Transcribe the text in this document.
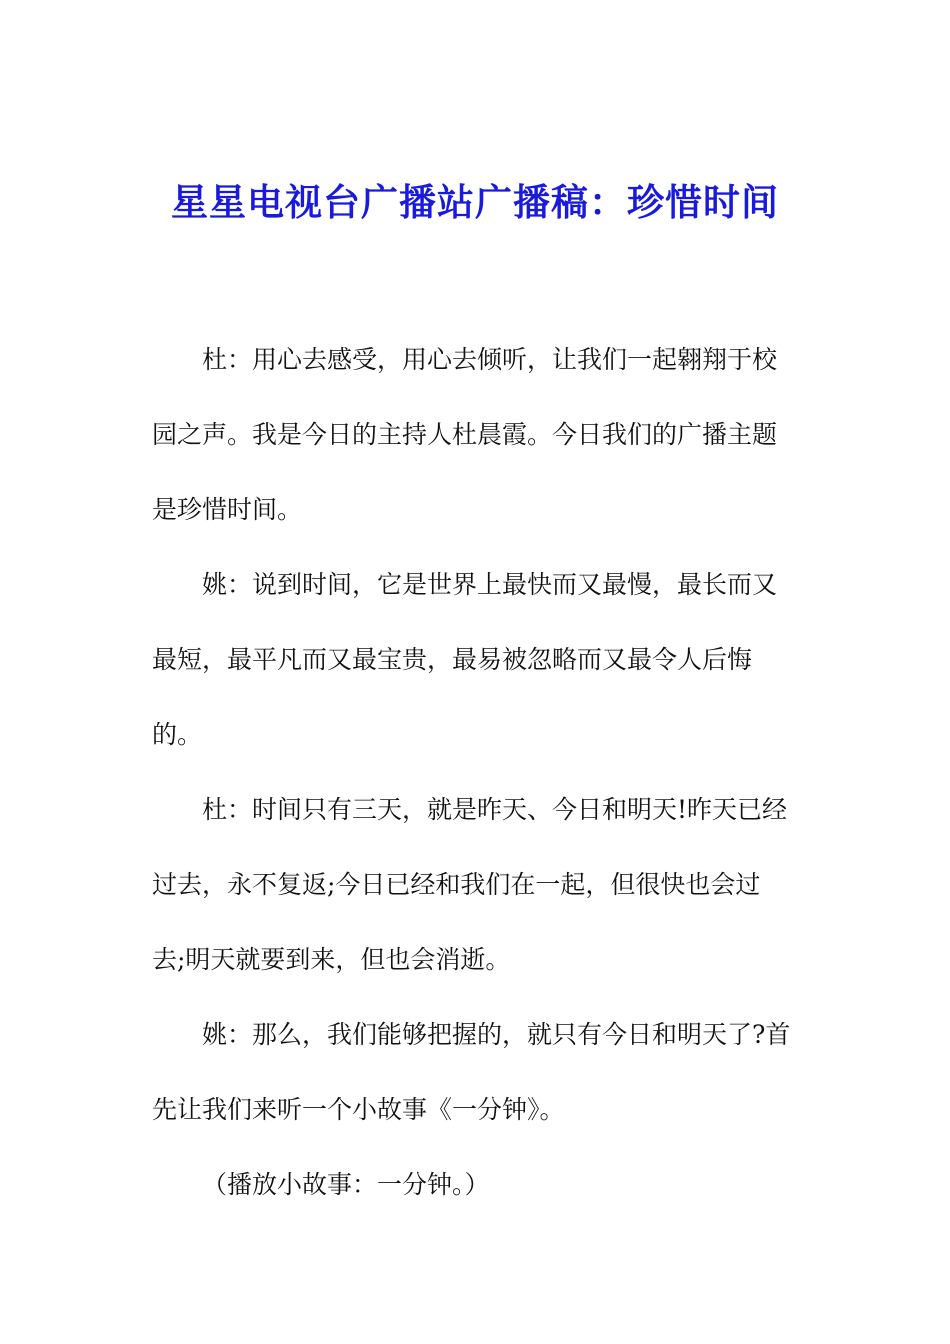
星星电视台广播站广播稿：珍惜时间
杜：用心去感受，用心去倾听，让我们一起翱翔于校
园之声。我是今日的主持人杜晨霞。今日我们的广播主题
是珍惜时间。
姚：说到时间，它是世界上最快而又最慢，最长而又
最短，最平凡而又最宝贵，最易被忽略而又最令人后悔
的。
杜：时间只有三天，就是昨天、今日和明天!昨天已经
过去，永不复返;今日已经和我们在一起，但很快也会过
去;明天就要到来，但也会消逝。
姚：那么，我们能够把握的，就只有今日和明天了?首
先让我们来听一个小故事《一分钟》。
（播放小故事：一分钟。）
